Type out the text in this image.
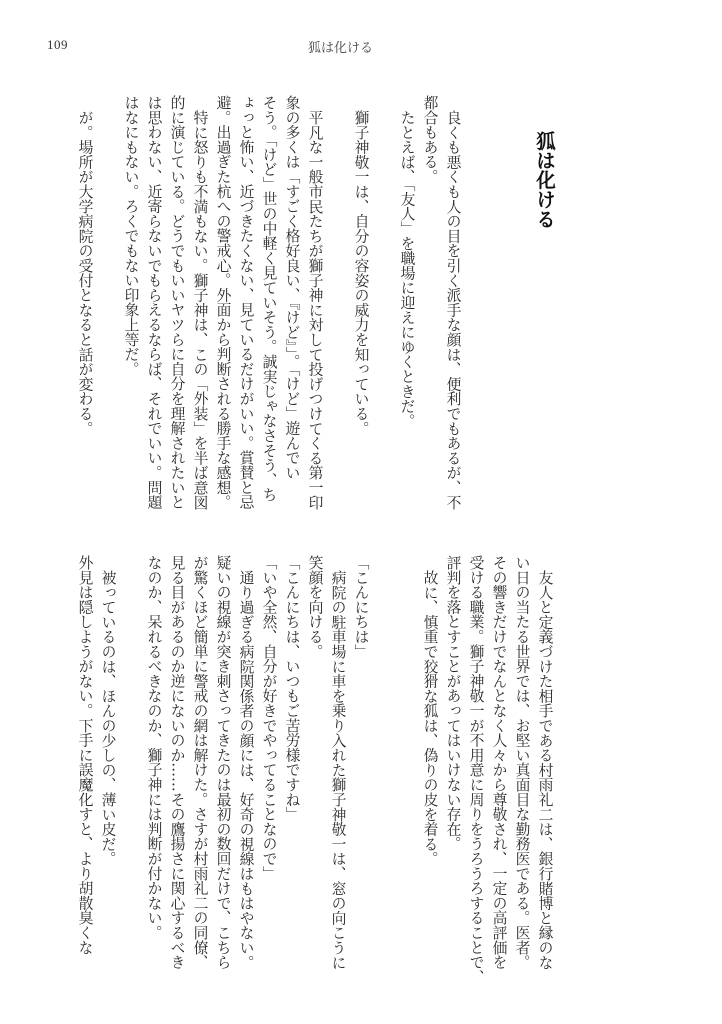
109	狐は化ける
狐は化ける
良くも悪くも人の目を引く派手な顔は、便利でもあるが、不
都合もある。
たとえば、「友人」を職場に迎えにゆくときだ。
獅子神敬一は、自分の容姿の威力を知っている。
平凡な一般市民たちが獅子神に対して投げつけてくる第一印
象の多くは「すごく格好良い、『けど』」。「けど」遊んでい
そう。「けど」世の中軽く見ていそう。誠実じゃなさそう、ち
ょっと怖い、近づきたくない、見ているだけがいい。賞賛と忌
避。出過ぎた杭への警戒心。外面から判断される勝手な感想。
特に怒りも不満もない。獅子神は、この「外装」を半ば意図
的に演じている。どうでもいいヤツらに自分を理解されたいと
は思わない、近寄らないでもらえるならば、それでいい。問題
はなにもない。ろくでもない印象上等だ。
が。場所が大学病院の受付となると話が変わる。
友人と定義づけた相手である村雨礼二は、銀行賭博と縁のな
い日の当たる世界では、お堅い真面目な勤務医である。医者。
その響きだけでなんとなく人々から尊敬され、一定の高評価を
受ける職業。獅子神敬一が不用意に周りをうろうろすることで、
評判を落とすことがあってはいけない存在。
故に、慎重で狡猾な狐は、偽りの皮を着る。
「こんにちは」
病院の駐車場に車を乗り入れた獅子神敬一は、窓の向こうに
笑顔を向ける。
「こんにちは、いつもご苦労様ですね」
「いや全然、自分が好きでやってることなので」
通り過ぎる病院関係者の顔には、好奇の視線はもはやない。
疑いの視線が突き刺さってきたのは最初の数回だけで、こちら
が驚くほど簡単に警戒の網は解けた。さすが村雨礼二の同僚、
見る目があるのか逆にないのか……その鷹揚さに関心するべき
なのか、呆れるべきなのか、獅子神には判断が付かない。
被っているのは、ほんの少しの、薄い皮だ。
外見は隠しようがない。下手に誤魔化すと、より胡散臭くな
